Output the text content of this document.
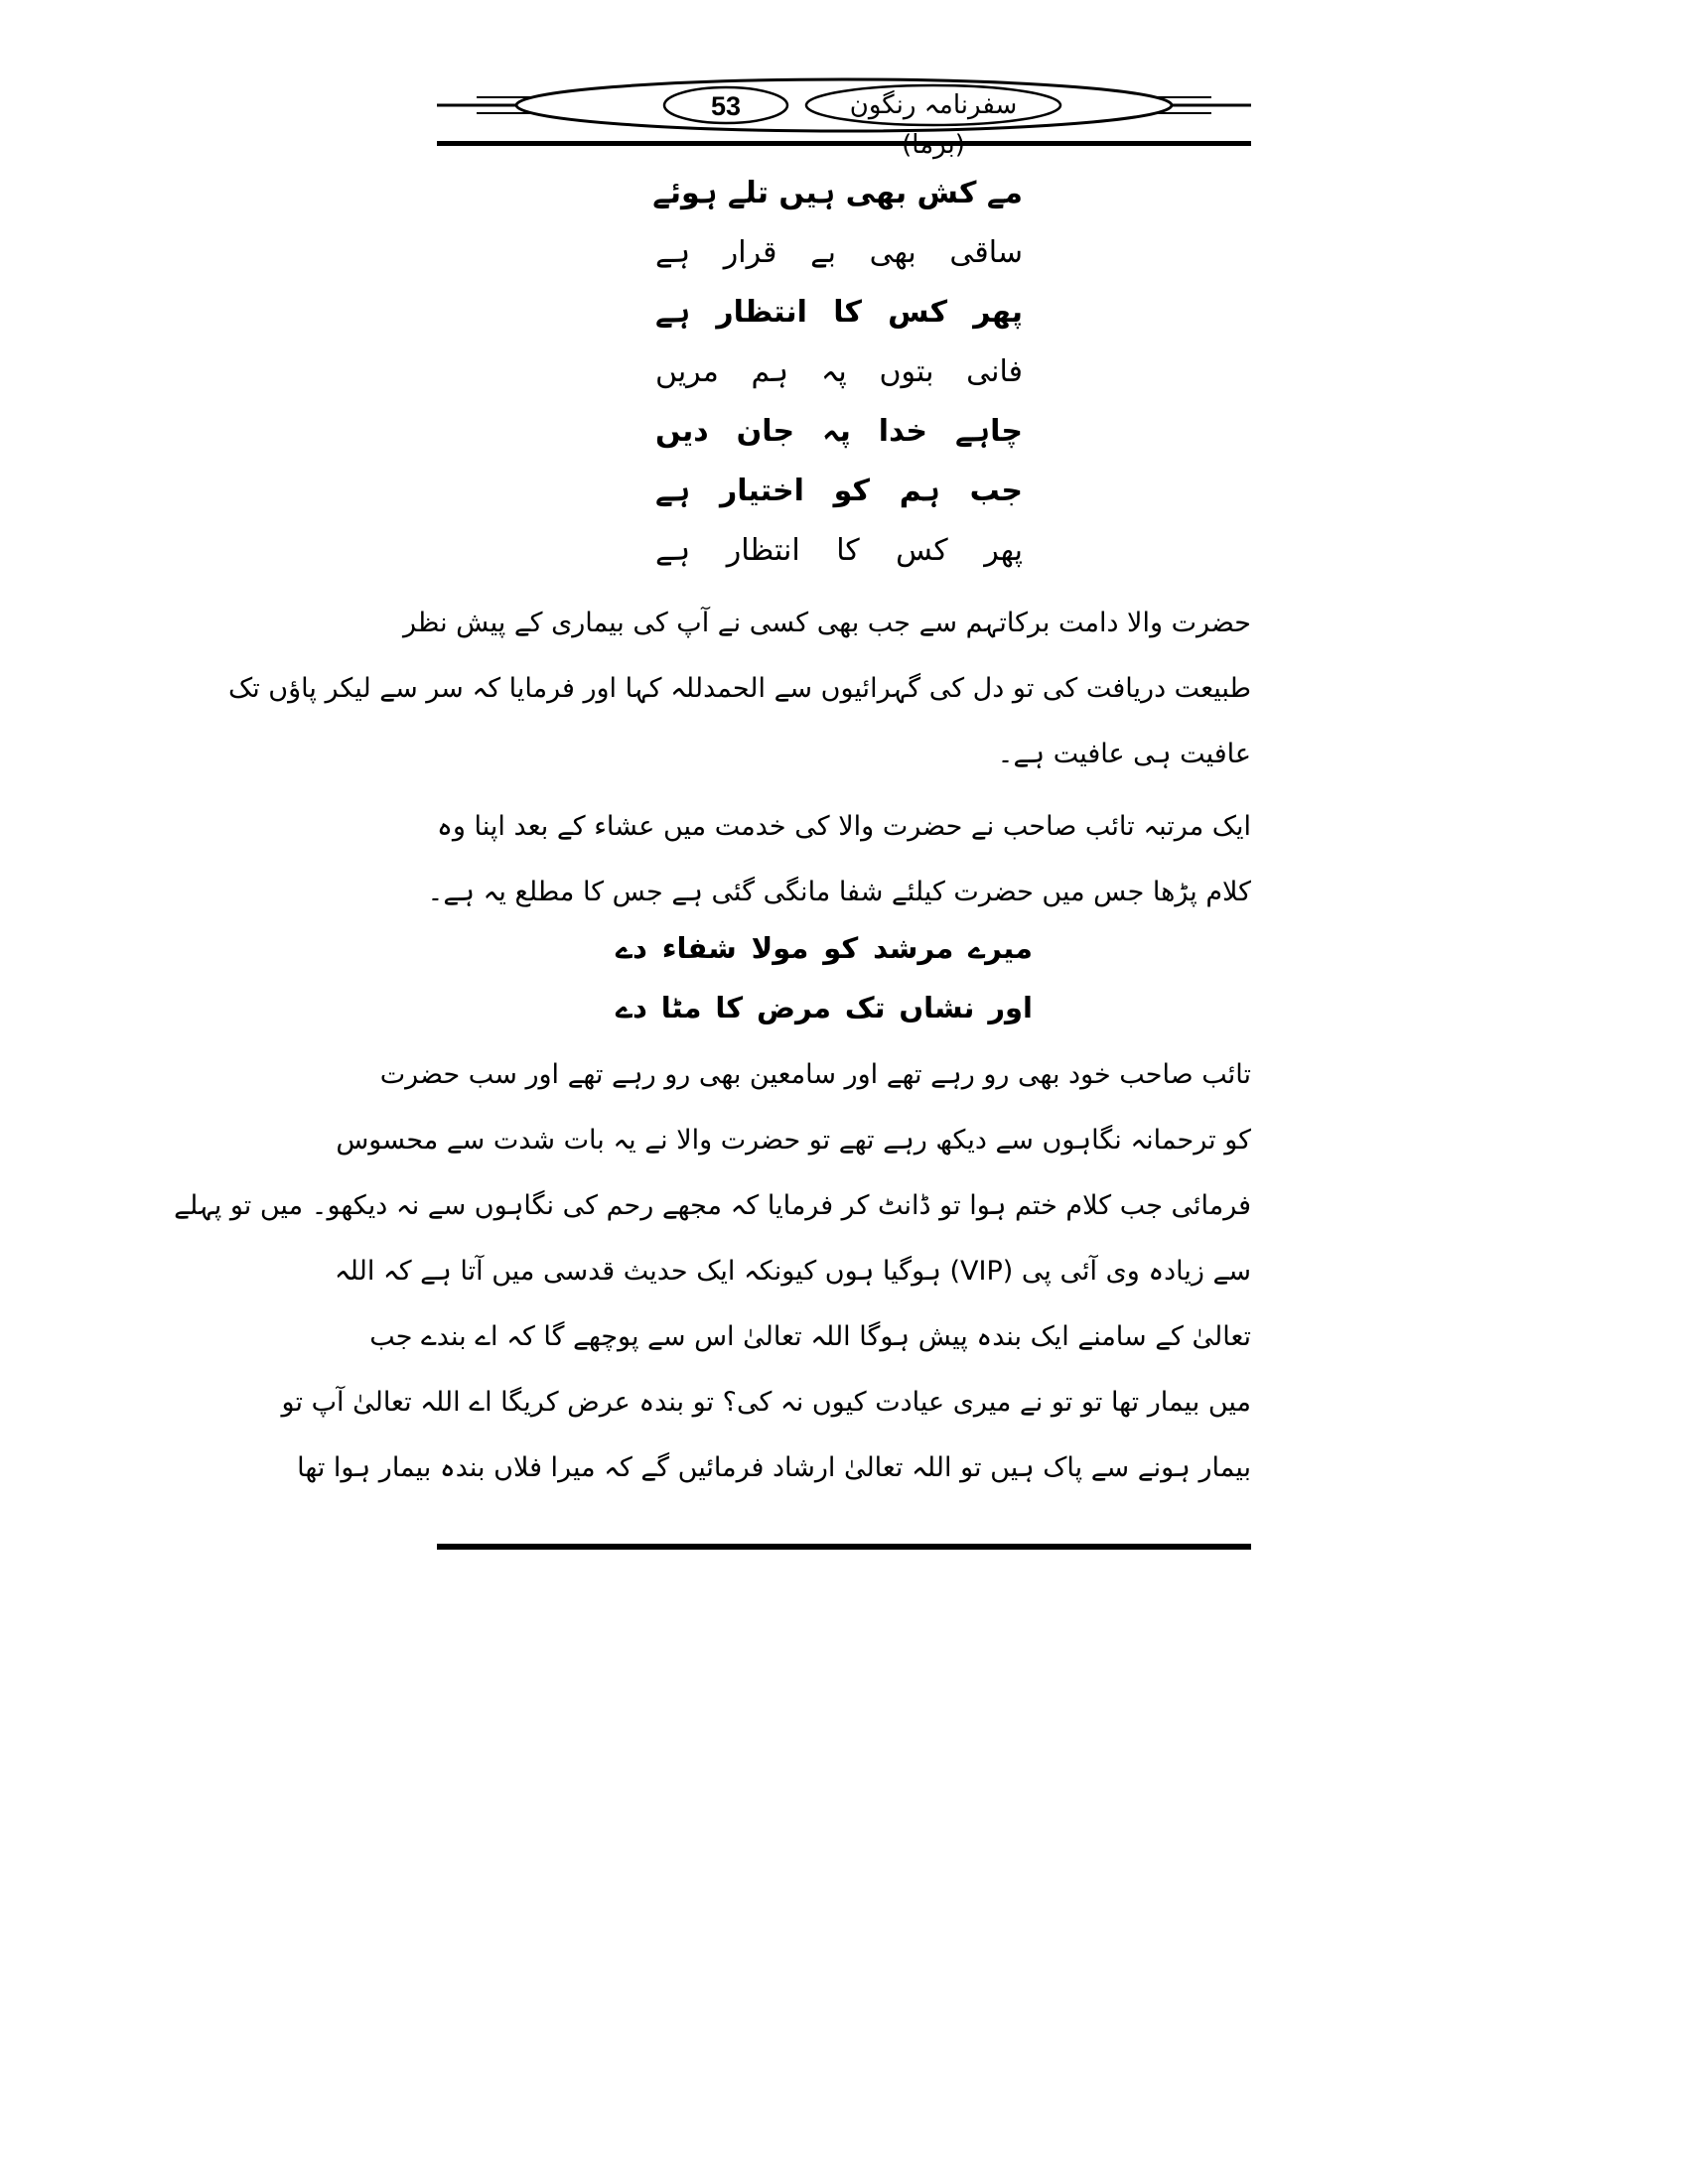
53	سفرنامہ رنگون
مے کش بھی ہیں تلے ہوئے
ساقی بھی بے قرار ہے
پھر کس کا انتظار ہے
فانی بتوں پہ ہم مریں
چاہے خدا پہ جان دیں
جب ہم کو اختیار ہے
پھر کس کا انتظار ہے
حضرت والا دامت برکاتہم سے جب بھی کسی نے آپ کی بیماری کے پیش نظر
طبیعت دریافت کی تو دل کی گہرائیوں سے الحمدللہ کہا اور فرمایا کہ سر سے لیکر پاؤں تک
عافیت ہی عافیت ہے۔
ایک مرتبہ تائب صاحب نے حضرت والا کی خدمت میں عشاء کے بعد اپنا وہ
کلام پڑھا جس میں حضرت کیلئے شفا مانگی گئی ہے جس کا مطلع یہ ہے۔
میرے مرشد کو مولا شفاء دے
اور نشاں تک مرض کا مٹا دے
تائب صاحب خود بھی رو رہے تھے اور سامعین بھی رو رہے تھے اور سب حضرت
کو ترحمانہ نگاہوں سے دیکھ رہے تھے تو حضرت والا نے یہ بات شدت سے محسوس
فرمائی جب کلام ختم ہوا تو ڈانٹ کر فرمایا کہ مجھے رحم کی نگاہوں سے نہ دیکھو۔ میں تو پہلے
سے زیادہ وی آئی پی (VIP) ہوگیا ہوں کیونکہ ایک حدیث قدسی میں آتا ہے کہ اللہ
تعالیٰ کے سامنے ایک بندہ پیش ہوگا اللہ تعالیٰ اس سے پوچھے گا کہ اے بندے جب
میں بیمار تھا تو تو نے میری عیادت کیوں نہ کی؟ تو بندہ عرض کریگا اے اللہ تعالیٰ آپ تو
بیمار ہونے سے پاک ہیں تو اللہ تعالیٰ ارشاد فرمائیں گے کہ میرا فلاں بندہ بیمار ہوا تھا
